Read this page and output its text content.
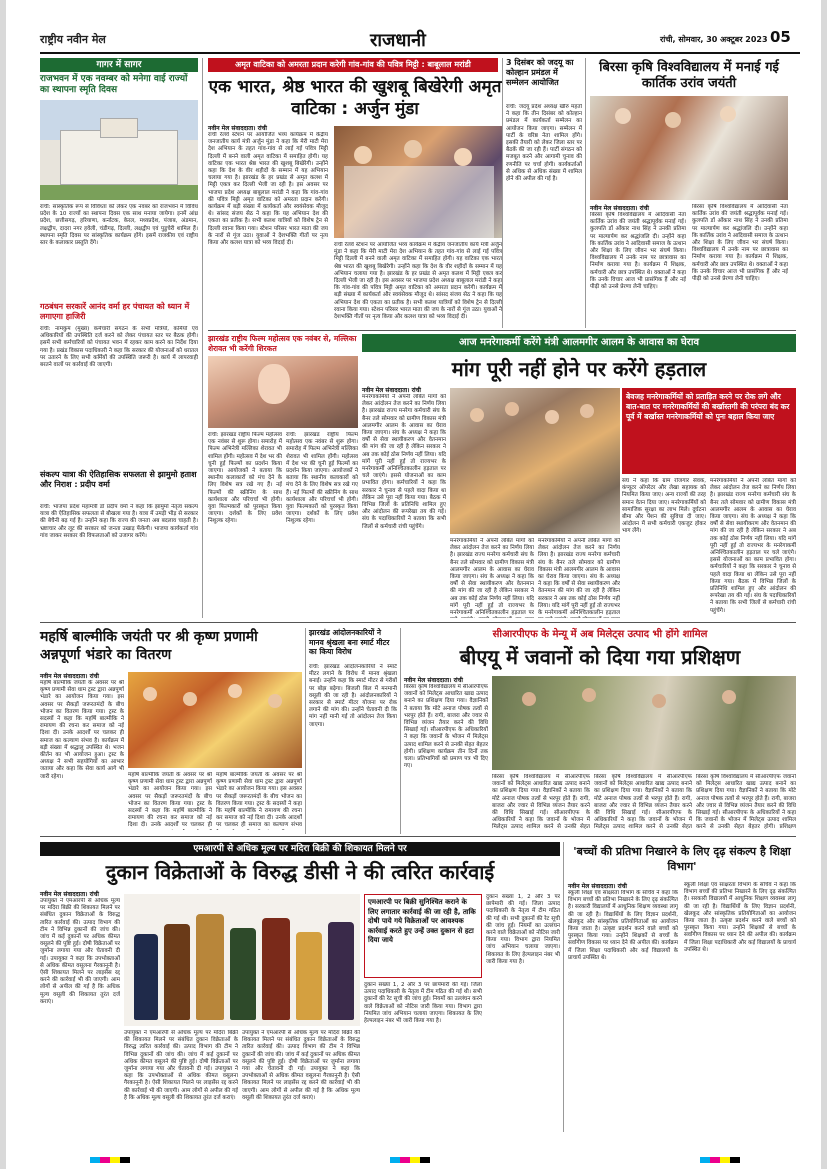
राष्ट्रीय नवीन मेल	राजधानी	रांची, सोमवार, 30 अक्टूबर 2023 05
गागर में सागर
राजभवन में एक नवम्बर को मनेगा वाई राज्यों का स्थापना स्मृति दिवस
रांची: सांस्कृतिक रूप से विविध्ता को लेकर एक नवंबर को राजभवन में विविध प्रदेश के 10 राज्यों का स्थापना दिवस एक साथ मनाया जायेगा। इनमें आंध्र प्रदेश, छत्तीसगढ़, हरियाणा, कर्नाटक, केरल, मध्यप्रदेश, पंजाब, अंडमान, लक्षद्वीप, दादरा नगर हवेली, चंडीगढ़, दिल्ली, लक्षद्वीप एवं पुडुचेरी शामिल हैं। स्थापना स्मृति दिवस पर सांस्कृतिक कार्यक्रम होंगे। इसमें राजकीय एवं राष्ट्रीय स्तर के कलाकार प्रस्तुति देंगे।
गठबंधन सरकारें आनंद वर्मा हर पंचायत को ध्यान में लगाएगा हाजिरी
रांची: नामकुम (मुख्य) कर्मचारी संगठन के सभी मंत्रियों, कर्मियों एवं अधिकारियों की उपस्थिति दर्ज करने को लेकर पंचायत स्तर पर बैठक होगी। इसमें सभी कर्मचारियों को पंचायत भवन में रहकर काम करने का निर्देश दिया गया है। प्रखंड विकास पदाधिकारी ने कहा कि सरकार की योजनाओं को धरातल पर उतारने के लिए सभी कर्मियों की उपस्थिति जरूरी है। कार्य में लापरवाही बरतने वालों पर कार्रवाई की जाएगी।
संकल्प यात्रा की ऐतिहासिक सफलता से झामुमो हताश और निराश : प्रदीप वर्मा
रांची: भाजपा प्रदेश महामंत्री डॉ प्रदीप वर्मा ने कहा कि झामुमो नेतृत्व संकल्प यात्रा की ऐतिहासिक सफलता से बौखला गया है। यात्रा में उमड़ी भीड़ से सरकार की बेचैनी बढ़ गई है। उन्होंने कहा कि राज्य की जनता अब बदलाव चाहती है। भ्रष्टाचार और लूट की सरकार को जनता उखाड़ फेंकेगी। भाजपा कार्यकर्ता गांव गांव जाकर सरकार की विफलताओं को उजागर करेंगे।
अमृत वाटिका को अमरता प्रदान करेगी गांव-गांव की पवित्र मिट्टी : बाबूलाल मरांडी
एक भारत, श्रेष्ठ भारत की खुशबू बिखेरेगी अमृत वाटिका : अर्जुन मुंडा
नवीन मेल संवाददाता। रांची
रांची रेलवे स्टेशन पर आयोजित भव्य कार्यक्रम में केंद्रीय जनजातीय कार्य मंत्री अर्जुन मुंडा ने कहा कि मेरी माटी मेरा देश अभियान के तहत गांव-गांव से लाई गई पवित्र मिट्टी दिल्ली में बनने वाली अमृत वाटिका में समाहित होगी। यह वाटिका एक भारत श्रेष्ठ भारत की खुशबू बिखेरेगी। उन्होंने कहा कि देश के वीर शहीदों के सम्मान में यह अभियान चलाया गया है। झारखंड के हर प्रखंड से अमृत कलश में मिट्टी एकत्र कर दिल्ली भेजी जा रही है। इस अवसर पर भाजपा प्रदेश अध्यक्ष बाबूलाल मरांडी ने कहा कि गांव-गांव की पवित्र मिट्टी अमृत वाटिका को अमरता प्रदान करेगी। कार्यक्रम में बड़ी संख्या में कार्यकर्ता और स्वयंसेवक मौजूद थे। सांसद संजय सेठ ने कहा कि यह अभियान देश की एकता का प्रतीक है। सभी कलश यात्रियों को विशेष ट्रेन से दिल्ली रवाना किया गया। स्टेशन परिसर भारत माता की जय के नारों से गूंज उठा। युवाओं ने देशभक्ति गीतों पर नृत्य किया और कलश यात्रा को भव्य विदाई दी।	रांची रेलवे स्टेशन पर आयोजित भव्य कार्यक्रम में केंद्रीय जनजातीय कार्य मंत्री अर्जुन मुंडा ने कहा कि मेरी माटी मेरा देश अभियान के तहत गांव-गांव से लाई गई पवित्र मिट्टी दिल्ली में बनने वाली अमृत वाटिका में समाहित होगी। यह वाटिका एक भारत श्रेष्ठ भारत की खुशबू बिखेरेगी। उन्होंने कहा कि देश के वीर शहीदों के सम्मान में यह अभियान चलाया गया है। झारखंड के हर प्रखंड से अमृत कलश में मिट्टी एकत्र कर दिल्ली भेजी जा रही है। इस अवसर पर भाजपा प्रदेश अध्यक्ष बाबूलाल मरांडी ने कहा कि गांव-गांव की पवित्र मिट्टी अमृत वाटिका को अमरता प्रदान करेगी। कार्यक्रम में बड़ी संख्या में कार्यकर्ता और स्वयंसेवक मौजूद थे। सांसद संजय सेठ ने कहा कि यह अभियान देश की एकता का प्रतीक है। सभी कलश यात्रियों को विशेष ट्रेन से दिल्ली रवाना किया गया। स्टेशन परिसर भारत माता की जय के नारों से गूंज उठा। युवाओं ने देशभक्ति गीतों पर नृत्य किया और कलश यात्रा को भव्य विदाई दी।
3 दिसंबर को जदयू का कोल्हान प्रमंडल में सम्मेलन आयोजित
रांची: जदयू प्रदेश अध्यक्ष खीरु महतो ने कहा कि तीन दिसंबर को कोल्हान प्रमंडल में कार्यकर्ता सम्मेलन का आयोजन किया जाएगा। सम्मेलन में पार्टी के वरिष्ठ नेता शामिल होंगे। इसकी तैयारी को लेकर जिला स्तर पर बैठकें की जा रही हैं। पार्टी संगठन को मजबूत करने और आगामी चुनाव की रणनीति पर चर्चा होगी। कार्यकर्ताओं से अधिक से अधिक संख्या में शामिल होने की अपील की गई है।
बिरसा कृषि विश्वविद्यालय में मनाई गई कार्तिक उरांव जयंती
नवीन मेल संवाददाता। रांची
बिरसा कृषि विश्वविद्यालय में आदिवासी नेता कार्तिक उरांव की जयंती श्रद्धापूर्वक मनाई गई। कुलपति डॉ ओंकार नाथ सिंह ने उनकी प्रतिमा पर माल्यार्पण कर श्रद्धांजलि दी। उन्होंने कहा कि कार्तिक उरांव ने आदिवासी समाज के उत्थान और शिक्षा के लिए जीवन भर संघर्ष किया। विश्वविद्यालय में उनके नाम पर छात्रावास का निर्माण कराया गया है। कार्यक्रम में शिक्षक, कर्मचारी और छात्र उपस्थित थे। वक्ताओं ने कहा कि उनके विचार आज भी प्रासंगिक हैं और नई पीढ़ी को उनसे प्रेरणा लेनी चाहिए।
बिरसा कृषि विश्वविद्यालय में आदिवासी नेता कार्तिक उरांव की जयंती श्रद्धापूर्वक मनाई गई। कुलपति डॉ ओंकार नाथ सिंह ने उनकी प्रतिमा पर माल्यार्पण कर श्रद्धांजलि दी। उन्होंने कहा कि कार्तिक उरांव ने आदिवासी समाज के उत्थान और शिक्षा के लिए जीवन भर संघर्ष किया। विश्वविद्यालय में उनके नाम पर छात्रावास का निर्माण कराया गया है। कार्यक्रम में शिक्षक, कर्मचारी और छात्र उपस्थित थे। वक्ताओं ने कहा कि उनके विचार आज भी प्रासंगिक हैं और नई पीढ़ी को उनसे प्रेरणा लेनी चाहिए।
झारखंड राष्ट्रीय फिल्म महोत्सव एक नवंबर से, मल्लिका शेरावत भी करेंगी शिरकत
रांची: झारखंड राष्ट्रीय फिल्म महोत्सव एक नवंबर से शुरू होगा। समारोह में फिल्म अभिनेत्री मल्लिका शेरावत भी शामिल होंगी। महोत्सव में देश भर की चुनी हुई फिल्मों का प्रदर्शन किया जाएगा। आयोजकों ने बताया कि स्थानीय कलाकारों को मंच देने के लिए विशेष सत्र रखे गए हैं। नई फिल्मों की स्क्रीनिंग के साथ कार्यशाला और परिचर्चा भी होगी। युवा फिल्मकारों को पुरस्कृत किया जाएगा। दर्शकों के लिए प्रवेश निशुल्क रहेगा।
रांची: झारखंड राष्ट्रीय फिल्म महोत्सव एक नवंबर से शुरू होगा। समारोह में फिल्म अभिनेत्री मल्लिका शेरावत भी शामिल होंगी। महोत्सव में देश भर की चुनी हुई फिल्मों का प्रदर्शन किया जाएगा। आयोजकों ने बताया कि स्थानीय कलाकारों को मंच देने के लिए विशेष सत्र रखे गए हैं। नई फिल्मों की स्क्रीनिंग के साथ कार्यशाला और परिचर्चा भी होगी। युवा फिल्मकारों को पुरस्कृत किया जाएगा। दर्शकों के लिए प्रवेश निशुल्क रहेगा।
आज मनरेगाकर्मी करेंगे मंत्री आलमगीर आलम के आवास का घेराव
मांग पूरी नहीं होने पर करेंगे हड़ताल
नवीन मेल संवाददाता। रांची
मनरेगाकर्मियों ने अपनी लंबित मांगों को लेकर आंदोलन तेज करने का निर्णय लिया है। झारखंड राज्य मनरेगा कर्मचारी संघ के बैनर तले सोमवार को ग्रामीण विकास मंत्री आलमगीर आलम के आवास का घेराव किया जाएगा। संघ के अध्यक्ष ने कहा कि वर्षों से सेवा स्थायीकरण और वेतनमान की मांग की जा रही है लेकिन सरकार ने अब तक कोई ठोस निर्णय नहीं लिया। यदि मांगें पूरी नहीं हुई तो राज्यभर के मनरेगाकर्मी अनिश्चितकालीन हड़ताल पर चले जाएंगे। इससे योजनाओं का काम प्रभावित होगा। कर्मचारियों ने कहा कि सरकार ने चुनाव से पहले वादा किया था लेकिन उसे पूरा नहीं किया गया। बैठक में विभिन्न जिलों के प्रतिनिधि शामिल हुए और आंदोलन की रूपरेखा तय की गई। संघ के पदाधिकारियों ने बताया कि सभी जिलों से कर्मचारी रांची पहुंचेंगे।
बेवजह मनरेगाकर्मियों को प्रताड़ित करने पर रोक लगे और बात-बात पर मनरेगाकर्मियों की बर्खास्तगी की परंपरा बंद कर पूर्व में बर्खास्त मनरेगाकर्मियों को पुनः बहाल किया जाए
मनरेगाकर्मियों ने अपनी लंबित मांगों को लेकर आंदोलन तेज करने का निर्णय लिया है। झारखंड राज्य मनरेगा कर्मचारी संघ के बैनर तले सोमवार को ग्रामीण विकास मंत्री आलमगीर आलम के आवास का घेराव किया जाएगा। संघ के अध्यक्ष ने कहा कि वर्षों से सेवा स्थायीकरण और वेतनमान की मांग की जा रही है लेकिन सरकार ने अब तक कोई ठोस निर्णय नहीं लिया। यदि मांगें पूरी नहीं हुई तो राज्यभर के मनरेगाकर्मी अनिश्चितकालीन हड़ताल पर
मनरेगाकर्मियों ने अपनी लंबित मांगों को लेकर आंदोलन तेज करने का निर्णय लिया है। झारखंड राज्य मनरेगा कर्मचारी संघ के बैनर तले सोमवार को ग्रामीण विकास मंत्री आलमगीर आलम के आवास का घेराव किया जाएगा। संघ के अध्यक्ष ने कहा कि वर्षों से सेवा स्थायीकरण और वेतनमान की मांग की जा रही है लेकिन सरकार ने अब तक कोई ठोस निर्णय नहीं लिया। यदि मांगें पूरी नहीं हुई तो राज्यभर के मनरेगाकर्मी अनिश्चितकालीन हड़ताल
संघ ने कहा कि ग्राम रोजगार सेवक, कंप्यूटर ऑपरेटर और लेखा सहायक को नियमित किया जाए। अन्य राज्यों की तरह समान वेतन दिया जाए। मनरेगाकर्मियों को सामाजिक सुरक्षा का लाभ मिले। दुर्घटना बीमा और पेंशन की सुविधा दी जाए। आंदोलन में सभी कर्मचारी एकजुट होकर भाग लेंगे।
मनरेगाकर्मियों ने अपनी लंबित मांगों को लेकर आंदोलन तेज करने का निर्णय लिया है। झारखंड राज्य मनरेगा कर्मचारी संघ के बैनर तले सोमवार को ग्रामीण विकास मंत्री आलमगीर आलम के आवास का घेराव किया जाएगा। संघ के अध्यक्ष ने कहा कि वर्षों से सेवा स्थायीकरण और वेतनमान की मांग की जा रही है लेकिन सरकार ने अब तक कोई ठोस निर्णय नहीं लिया। यदि मांगें पूरी नहीं हुई तो राज्यभर के मनरेगाकर्मी अनिश्चितकालीन हड़ताल पर चले जाएंगे। इससे योजनाओं का काम प्रभावित होगा। कर्मचारियों ने कहा कि सरकार ने चुनाव से पहले वादा किया था लेकिन उसे पूरा नहीं किया गया। बैठक में विभिन्न जिलों के प्रतिनिधि शामिल हुए और आंदोलन की रूपरेखा तय की गई। संघ के पदाधिकारियों ने बताया कि सभी जिलों से कर्मचारी रांची पहुंचेंगे।
महर्षि बाल्मीकि जयंती पर श्री कृष्ण प्रणामी अन्नपूर्णा भंडारे का वितरण
नवीन मेल संवाददाता। रांची
महर्षि बाल्मीकि जयंती के अवसर पर श्री कृष्ण प्रणामी सेवा धाम ट्रस्ट द्वारा अन्नपूर्णा भंडारे का आयोजन किया गया। इस अवसर पर सैकड़ों जरूरतमंदों के बीच भोजन का वितरण किया गया। ट्रस्ट के सदस्यों ने कहा कि महर्षि बाल्मीकि ने रामायण की रचना कर समाज को नई दिशा दी। उनके आदर्शों पर चलकर ही समाज का कल्याण संभव है। कार्यक्रम में बड़ी संख्या में श्रद्धालु उपस्थित थे। भजन कीर्तन का भी आयोजन हुआ। ट्रस्ट के अध्यक्ष ने सभी सहयोगियों का आभार जताया और कहा कि सेवा कार्य आगे भी जारी रहेगा।	महर्षि बाल्मीकि जयंती के अवसर पर श्री कृष्ण प्रणामी सेवा धाम ट्रस्ट द्वारा अन्नपूर्णा भंडारे का आयोजन किया गया। इस अवसर पर सैकड़ों जरूरतमंदों के बीच भोजन का वितरण किया गया। ट्रस्ट के सदस्यों ने कहा कि महर्षि बाल्मीकि ने रामायण की रचना कर समाज को नई दिशा दी। उनके आदर्शों पर चलकर ही
महर्षि बाल्मीकि जयंती के अवसर पर श्री कृष्ण प्रणामी सेवा धाम ट्रस्ट द्वारा अन्नपूर्णा भंडारे का आयोजन किया गया। इस अवसर पर सैकड़ों जरूरतमंदों के बीच भोजन का वितरण किया गया। ट्रस्ट के सदस्यों ने कहा कि महर्षि बाल्मीकि ने रामायण की रचना कर समाज को नई दिशा दी। उनके आदर्शों पर चलकर ही समाज का कल्याण संभव
झारखंड आंदोलनकारियों ने मानव श्रृंखला बना स्मार्ट मीटर का किया विरोध
रांची: झारखंड आंदोलनकारियों ने स्मार्ट मीटर लगाने के विरोध में मानव श्रृंखला बनाई। उन्होंने कहा कि स्मार्ट मीटर से गरीबों पर बोझ बढ़ेगा। बिजली बिल में मनमानी वसूली की जा रही है। आंदोलनकारियों ने सरकार से स्मार्ट मीटर योजना पर रोक लगाने की मांग की। उन्होंने चेतावनी दी कि मांग नहीं मानी गई तो आंदोलन तेज किया जाएगा।
सीआरपीएफ के मेन्यू में अब मिलेट्स उत्पाद भी होंगे शामिल
बीएयू में जवानों को दिया गया प्रशिक्षण
नवीन मेल संवाददाता। रांची
बिरसा कृषि विश्वविद्यालय में सीआरपीएफ जवानों को मिलेट्स आधारित खाद्य उत्पाद बनाने का प्रशिक्षण दिया गया। वैज्ञानिकों ने बताया कि मोटे अनाज पोषक तत्वों से भरपूर होते हैं। रागी, बाजरा और ज्वार से विभिन्न व्यंजन तैयार करने की विधि सिखाई गई। सीआरपीएफ के अधिकारियों ने कहा कि जवानों के भोजन में मिलेट्स उत्पाद शामिल करने से उनकी सेहत बेहतर होगी। प्रशिक्षण कार्यक्रम तीन दिनों तक चला। प्रतिभागियों को प्रमाण पत्र भी दिए गए।
बिरसा कृषि विश्वविद्यालय में सीआरपीएफ जवानों को मिलेट्स आधारित खाद्य उत्पाद बनाने का प्रशिक्षण दिया गया। वैज्ञानिकों ने बताया कि मोटे अनाज पोषक तत्वों से भरपूर होते हैं। रागी, बाजरा और ज्वार से विभिन्न व्यंजन तैयार करने की विधि सिखाई गई। सीआरपीएफ के अधिकारियों ने कहा कि जवानों के भोजन में मिलेट्स उत्पाद शामिल करने से उनकी सेहत
बिरसा कृषि विश्वविद्यालय में सीआरपीएफ जवानों को मिलेट्स आधारित खाद्य उत्पाद बनाने का प्रशिक्षण दिया गया। वैज्ञानिकों ने बताया कि मोटे अनाज पोषक तत्वों से भरपूर होते हैं। रागी, बाजरा और ज्वार से विभिन्न व्यंजन तैयार करने की विधि सिखाई गई। सीआरपीएफ के अधिकारियों ने कहा कि जवानों के भोजन में मिलेट्स उत्पाद शामिल करने से उनकी सेहत
बिरसा कृषि विश्वविद्यालय में सीआरपीएफ जवानों को मिलेट्स आधारित खाद्य उत्पाद बनाने का प्रशिक्षण दिया गया। वैज्ञानिकों ने बताया कि मोटे अनाज पोषक तत्वों से भरपूर होते हैं। रागी, बाजरा और ज्वार से विभिन्न व्यंजन तैयार करने की विधि सिखाई गई। सीआरपीएफ के अधिकारियों ने कहा कि जवानों के भोजन में मिलेट्स उत्पाद शामिल करने से उनकी सेहत बेहतर होगी। प्रशिक्षण
एमआरपी से अधिक मूल्य पर मदिरा बिक्री की शिकायत मिलने पर
दुकान विक्रेताओं के विरुद्ध डीसी ने की त्वरित कार्रवाई
नवीन मेल संवाददाता। रांची
उपायुक्त ने एमआरपी से अधिक मूल्य पर मदिरा बिक्री की शिकायत मिलने पर संबंधित दुकान विक्रेताओं के विरुद्ध त्वरित कार्रवाई की। उत्पाद विभाग की टीम ने विभिन्न दुकानों की जांच की। जांच में कई दुकानों पर अधिक कीमत वसूलने की पुष्टि हुई। दोषी विक्रेताओं पर जुर्माना लगाया गया और चेतावनी दी गई। उपायुक्त ने कहा कि उपभोक्ताओं से अधिक कीमत वसूलना गैरकानूनी है। ऐसी शिकायत मिलने पर लाइसेंस रद्द करने की कार्रवाई भी की जाएगी। आम लोगों से अपील की गई है कि अधिक मूल्य वसूली की शिकायत तुरंत दर्ज कराएं।
उपायुक्त ने एमआरपी से अधिक मूल्य पर मदिरा बिक्री की शिकायत मिलने पर संबंधित दुकान विक्रेताओं के विरुद्ध त्वरित कार्रवाई की। उत्पाद विभाग की टीम ने विभिन्न दुकानों की जांच की। जांच में कई दुकानों पर अधिक कीमत वसूलने की पुष्टि हुई। दोषी विक्रेताओं पर जुर्माना लगाया गया और चेतावनी दी गई। उपायुक्त ने कहा कि उपभोक्ताओं से अधिक कीमत वसूलना गैरकानूनी है। ऐसी शिकायत मिलने पर लाइसेंस रद्द करने की कार्रवाई भी की जाएगी। आम लोगों से अपील की गई है कि अधिक मूल्य वसूली की शिकायत तुरंत दर्ज कराएं।
उपायुक्त ने एमआरपी से अधिक मूल्य पर मदिरा बिक्री की शिकायत मिलने पर संबंधित दुकान विक्रेताओं के विरुद्ध त्वरित कार्रवाई की। उत्पाद विभाग की टीम ने विभिन्न दुकानों की जांच की। जांच में कई दुकानों पर अधिक कीमत वसूलने की पुष्टि हुई। दोषी विक्रेताओं पर जुर्माना लगाया गया और चेतावनी दी गई। उपायुक्त ने कहा कि उपभोक्ताओं से अधिक कीमत वसूलना गैरकानूनी है। ऐसी शिकायत मिलने पर लाइसेंस रद्द करने की कार्रवाई भी की जाएगी। आम लोगों से अपील की गई है कि अधिक मूल्य वसूली की शिकायत तुरंत दर्ज कराएं।
एमआरपी पर बिक्री सुनिश्चित कराने के लिए लगातार कार्रवाई की जा रही है, ताकि दोषी पाये गये विक्रेताओं पर आवश्यक कार्रवाई करते हुए उन्हें उक्त दुकान से हटा दिया जाये
दुकान संख्या 1, 2 और 3 पर छापेमारी की गई। जिला उत्पाद पदाधिकारी के नेतृत्व में टीम गठित की गई थी। सभी दुकानों की रेट सूची की जांच हुई। नियमों का उल्लंघन करने वाले विक्रेताओं को नोटिस जारी किया गया। विभाग द्वारा नियमित जांच अभियान चलाया जाएगा। शिकायत के लिए हेल्पलाइन नंबर भी जारी किया गया है।
दुकान संख्या 1, 2 और 3 पर छापेमारी की गई। जिला उत्पाद पदाधिकारी के नेतृत्व में टीम गठित की गई थी। सभी दुकानों की रेट सूची की जांच हुई। नियमों का उल्लंघन करने वाले विक्रेताओं को नोटिस जारी किया गया। विभाग द्वारा नियमित जांच अभियान चलाया जाएगा। शिकायत के लिए हेल्पलाइन नंबर भी जारी किया गया है।
'बच्चों की प्रतिभा निखारने के लिए दृढ़ संकल्प है शिक्षा विभाग'
नवीन मेल संवाददाता। रांची
स्कूली शिक्षा एवं साक्षरता विभाग के सचिव ने कहा कि विभाग बच्चों की प्रतिभा निखारने के लिए दृढ़ संकल्पित है। सरकारी विद्यालयों में आधुनिक शिक्षण व्यवस्था लागू की जा रही है। विद्यार्थियों के लिए विज्ञान प्रदर्शनी, खेलकूद और सांस्कृतिक प्रतियोगिताओं का आयोजन किया जाता है। उत्कृष्ट प्रदर्शन करने वाले बच्चों को पुरस्कृत किया गया। उन्होंने शिक्षकों से बच्चों के सर्वांगीण विकास पर ध्यान देने की अपील की। कार्यक्रम में जिला शिक्षा पदाधिकारी और कई विद्यालयों के प्राचार्य उपस्थित थे।
स्कूली शिक्षा एवं साक्षरता विभाग के सचिव ने कहा कि विभाग बच्चों की प्रतिभा निखारने के लिए दृढ़ संकल्पित है। सरकारी विद्यालयों में आधुनिक शिक्षण व्यवस्था लागू की जा रही है। विद्यार्थियों के लिए विज्ञान प्रदर्शनी, खेलकूद और सांस्कृतिक प्रतियोगिताओं का आयोजन किया जाता है। उत्कृष्ट प्रदर्शन करने वाले बच्चों को पुरस्कृत किया गया। उन्होंने शिक्षकों से बच्चों के सर्वांगीण विकास पर ध्यान देने की अपील की। कार्यक्रम में जिला शिक्षा पदाधिकारी और कई विद्यालयों के प्राचार्य उपस्थित थे।
